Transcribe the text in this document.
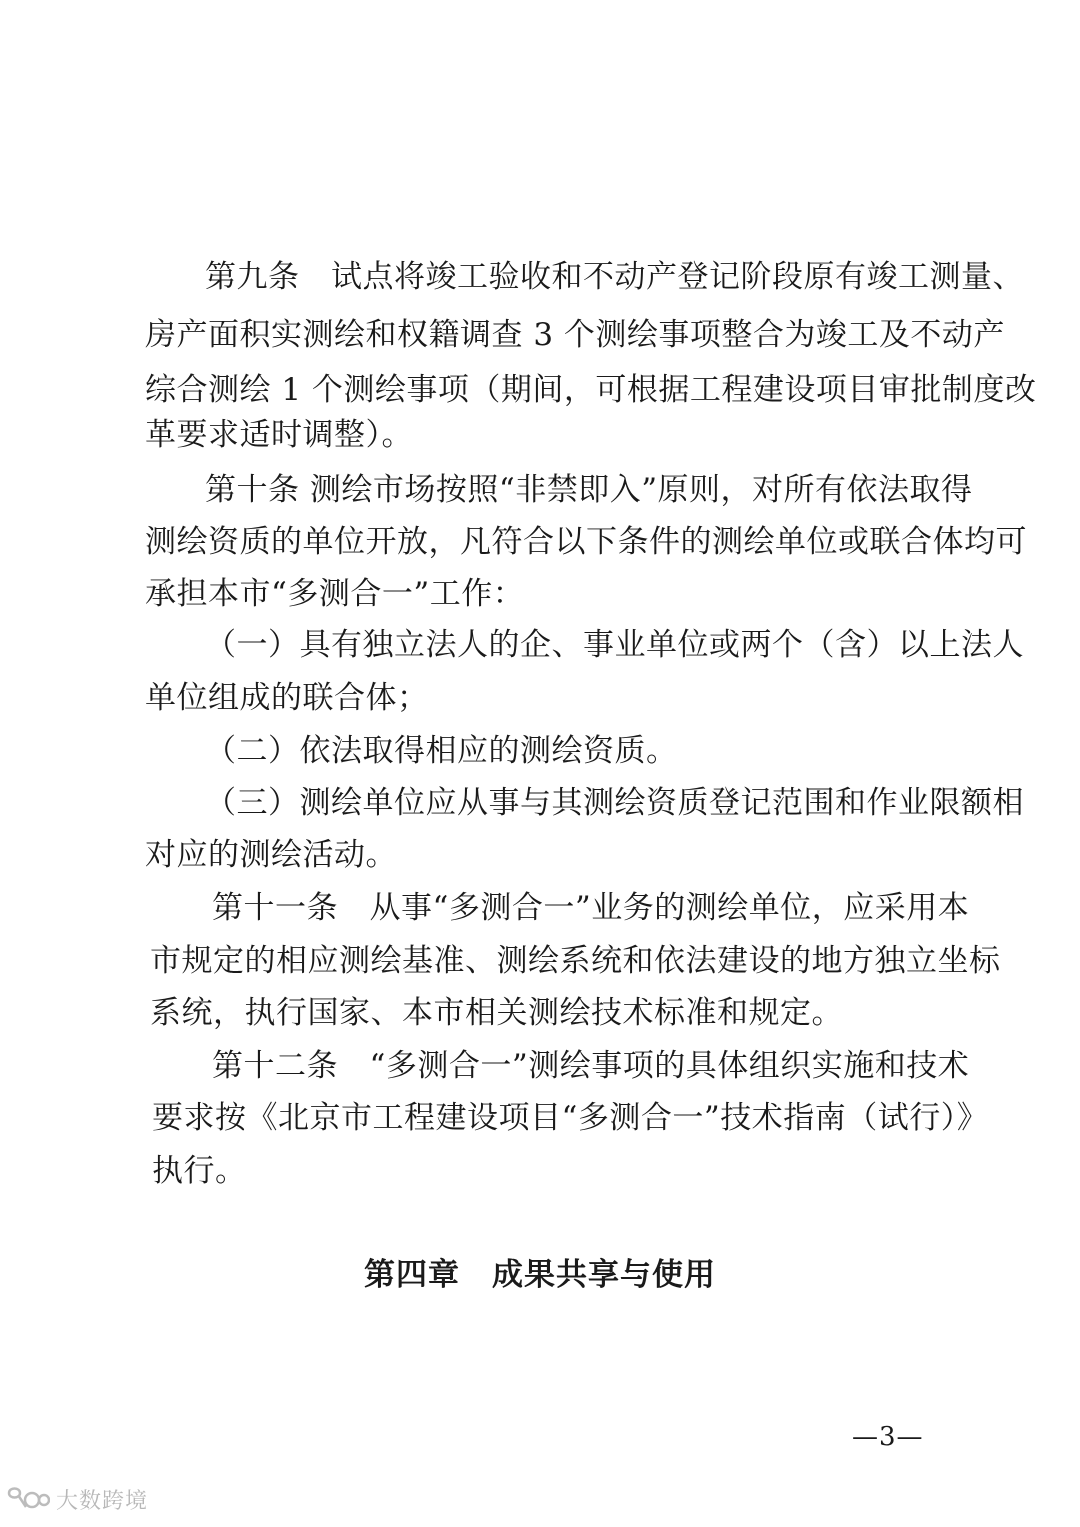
第九条　试点将竣工验收和不动产登记阶段原有竣工测量、
房产面积实测绘和权籍调查 3 个测绘事项整合为竣工及不动产
综合测绘 1 个测绘事项（期间，可根据工程建设项目审批制度改
革要求适时调整）。
第十条 测绘市场按照“非禁即入”原则，对所有依法取得
测绘资质的单位开放，凡符合以下条件的测绘单位或联合体均可
承担本市“多测合一”工作：
（一）具有独立法人的企、事业单位或两个（含）以上法人
单位组成的联合体；
（二）依法取得相应的测绘资质。
（三）测绘单位应从事与其测绘资质登记范围和作业限额相
对应的测绘活动。
第十一条　从事“多测合一”业务的测绘单位，应采用本
市规定的相应测绘基准、测绘系统和依法建设的地方独立坐标
系统，执行国家、本市相关测绘技术标准和规定。
第十二条　“多测合一”测绘事项的具体组织实施和技术
要求按《北京市工程建设项目“多测合一”技术指南（试行）》
执行。
第四章　成果共享与使用
—3—
大数跨境
